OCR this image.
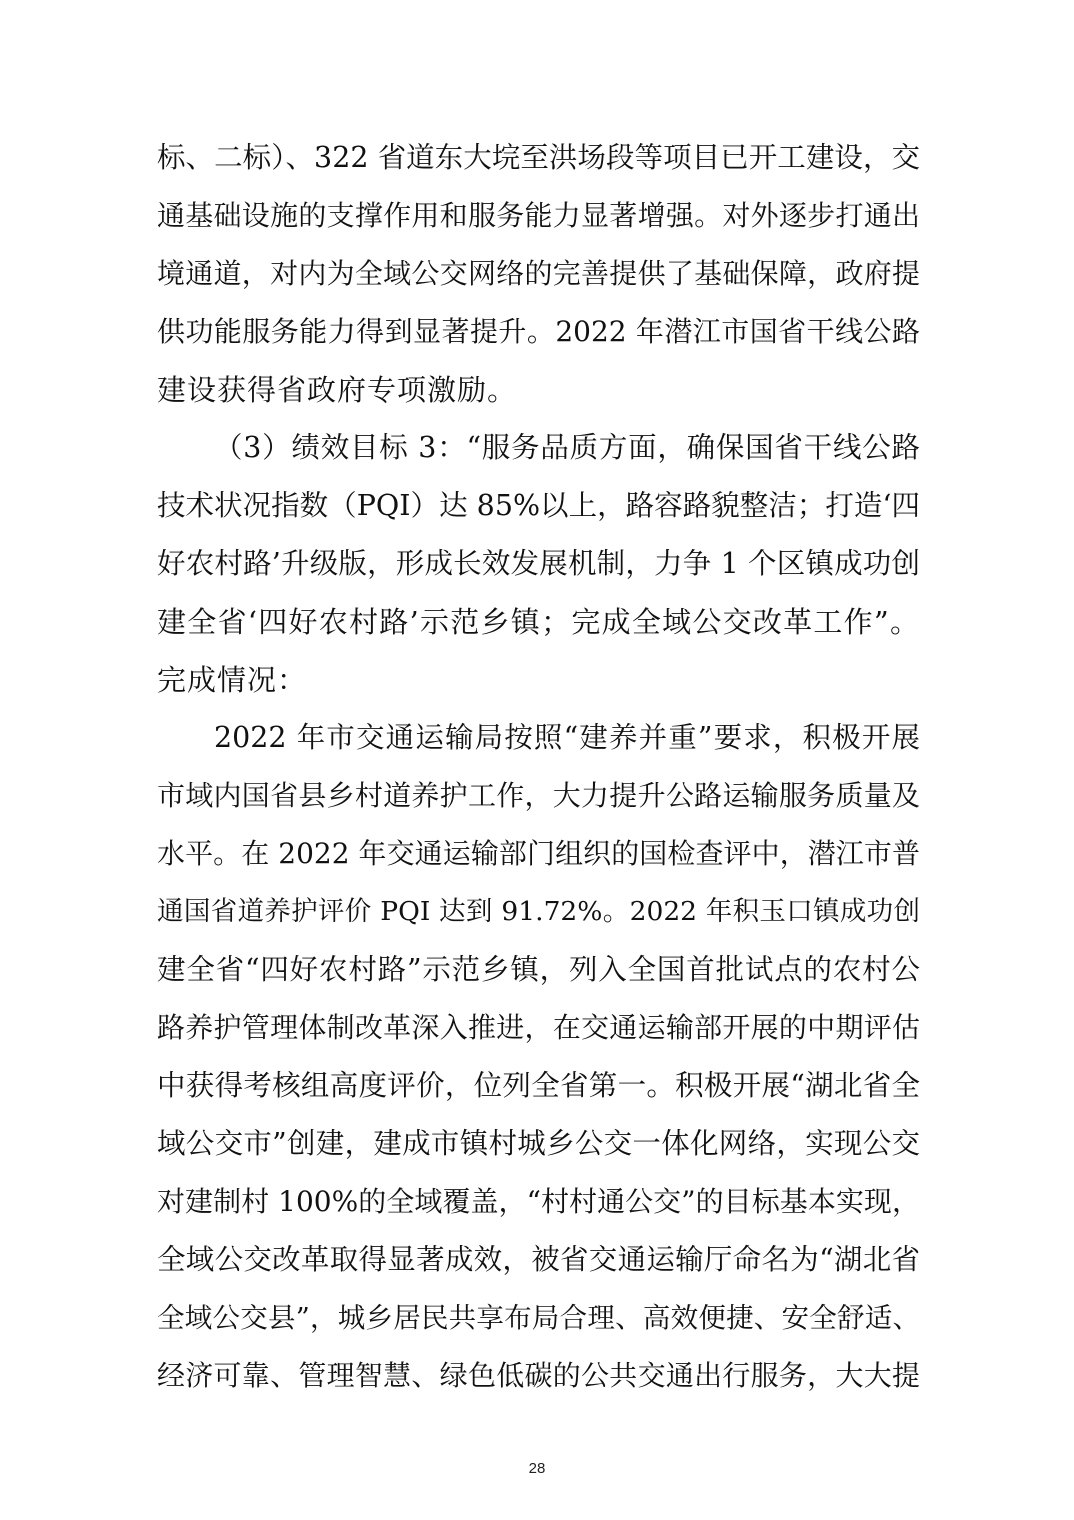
标、二标）、322 省道东大垸至洪场段等项目已开工建设，交
通基础设施的支撑作用和服务能力显著增强。对外逐步打通出
境通道，对内为全域公交网络的完善提供了基础保障，政府提
供功能服务能力得到显著提升。2022 年潜江市国省干线公路
建设获得省政府专项激励。
（3）绩效目标 3：“服务品质方面，确保国省干线公路
技术状况指数（PQI）达 85%以上，路容路貌整洁；打造‘四
好农村路’升级版，形成长效发展机制，力争 1 个区镇成功创
建全省‘四好农村路’示范乡镇；完成全域公交改革工作”。
完成情况：
2022 年市交通运输局按照“建养并重”要求，积极开展
市域内国省县乡村道养护工作，大力提升公路运输服务质量及
水平。在 2022 年交通运输部门组织的国检查评中，潜江市普
通国省道养护评价 PQI 达到 91.72%。2022 年积玉口镇成功创
建全省“四好农村路”示范乡镇，列入全国首批试点的农村公
路养护管理体制改革深入推进，在交通运输部开展的中期评估
中获得考核组高度评价，位列全省第一。积极开展“湖北省全
域公交市”创建，建成市镇村城乡公交一体化网络，实现公交
对建制村 100%的全域覆盖，“村村通公交”的目标基本实现，
全域公交改革取得显著成效，被省交通运输厅命名为“湖北省
全域公交县”，城乡居民共享布局合理、高效便捷、安全舒适、
经济可靠、管理智慧、绿色低碳的公共交通出行服务，大大提
28
